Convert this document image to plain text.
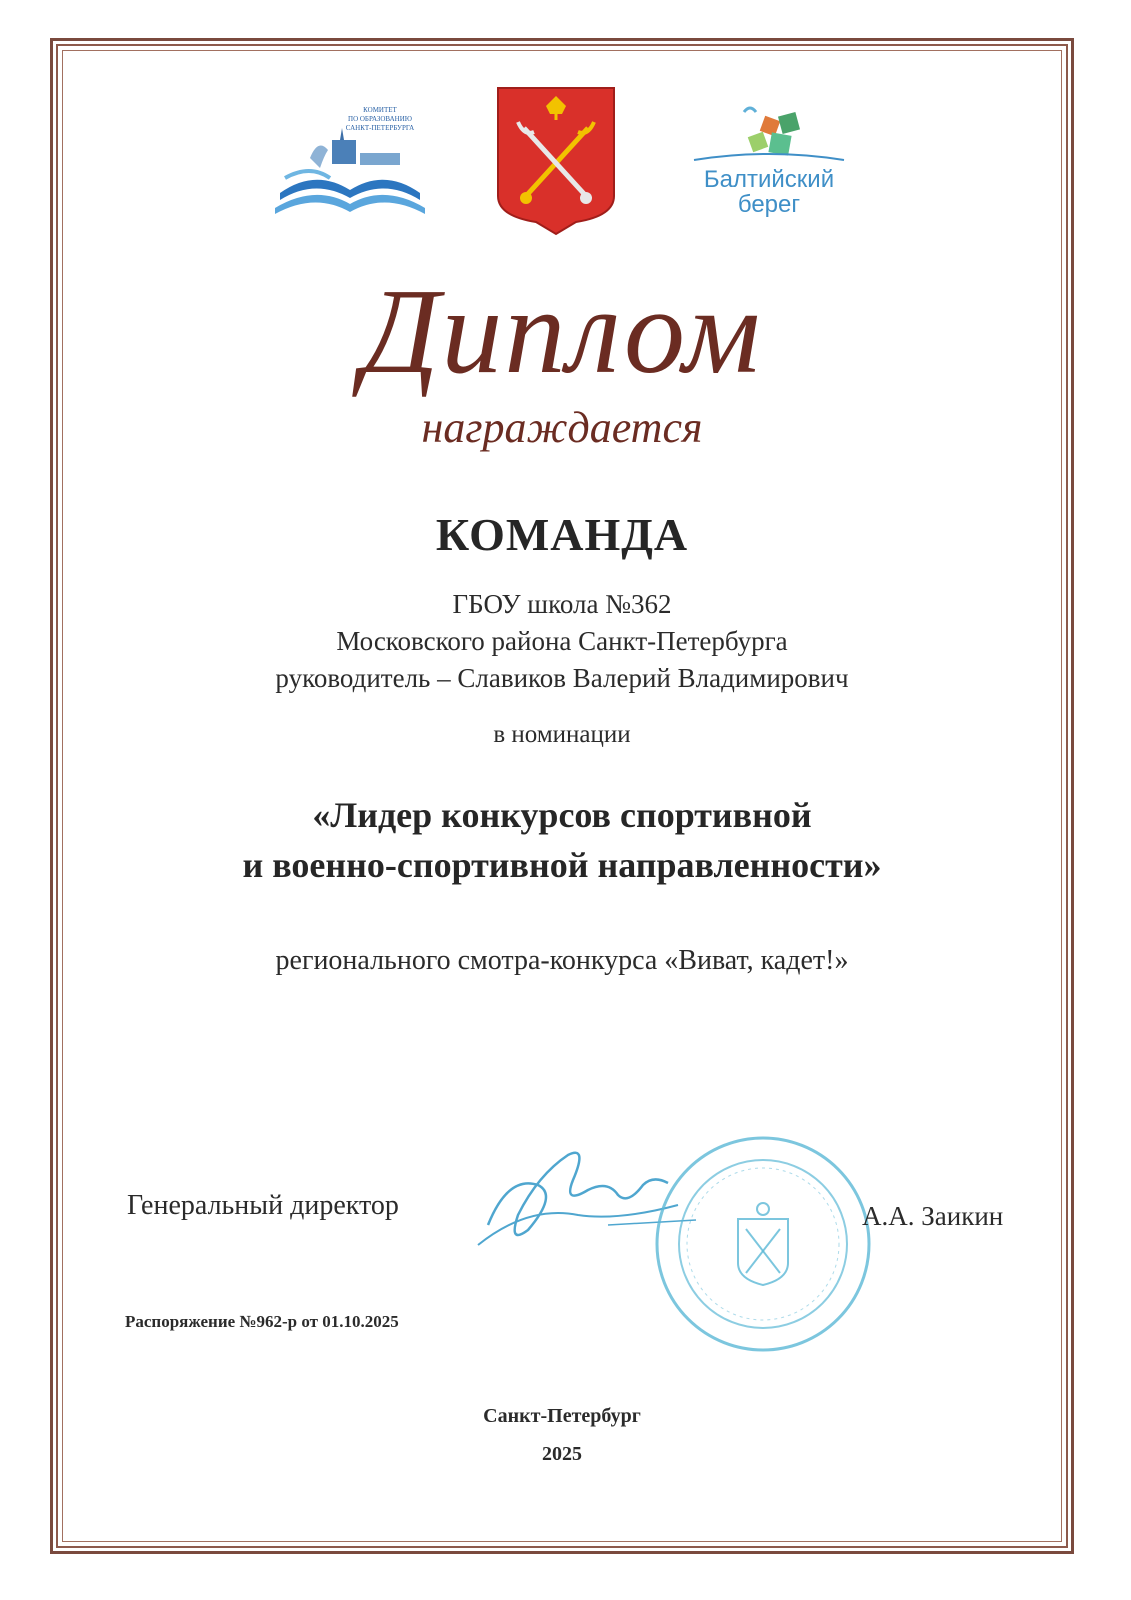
КОМИТЕТ
ПО ОБРАЗОВАНИЮ
САНКТ-ПЕТЕРБУРГА
Балтийский
берег
Диплом
награждается
КОМАНДА
ГБОУ школа №362
Московского района Санкт-Петербурга
руководитель – Славиков Валерий Владимирович
в номинации
«Лидер конкурсов спортивной
и военно-спортивной направленности»
регионального смотра-конкурса «Виват, кадет!»
Генеральный директор	А.А. Заикин
Распоряжение №962-р от 01.10.2025
Санкт-Петербург
2025
